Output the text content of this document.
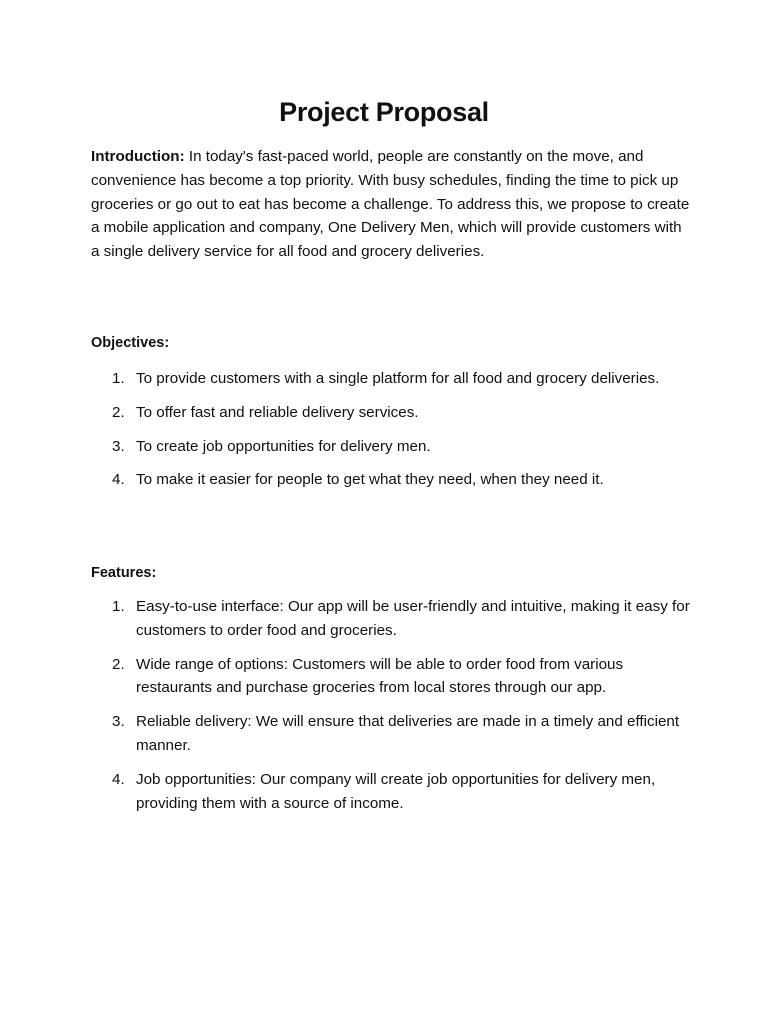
Project Proposal

Introduction: In today's fast-paced world, people are constantly on the move, and convenience has become a top priority. With busy schedules, finding the time to pick up groceries or go out to eat has become a challenge. To address this, we propose to create a mobile application and company, One Delivery Men, which will provide customers with a single delivery service for all food and grocery deliveries.

Objectives:
1. To provide customers with a single platform for all food and grocery deliveries.
2. To offer fast and reliable delivery services.
3. To create job opportunities for delivery men.
4. To make it easier for people to get what they need, when they need it.
Features:
1. Easy-to-use interface: Our app will be user-friendly and intuitive, making it easy for customers to order food and groceries.
2. Wide range of options: Customers will be able to order food from various restaurants and purchase groceries from local stores through our app.
3. Reliable delivery: We will ensure that deliveries are made in a timely and efficient manner.
4. Job opportunities: Our company will create job opportunities for delivery men, providing them with a source of income.
